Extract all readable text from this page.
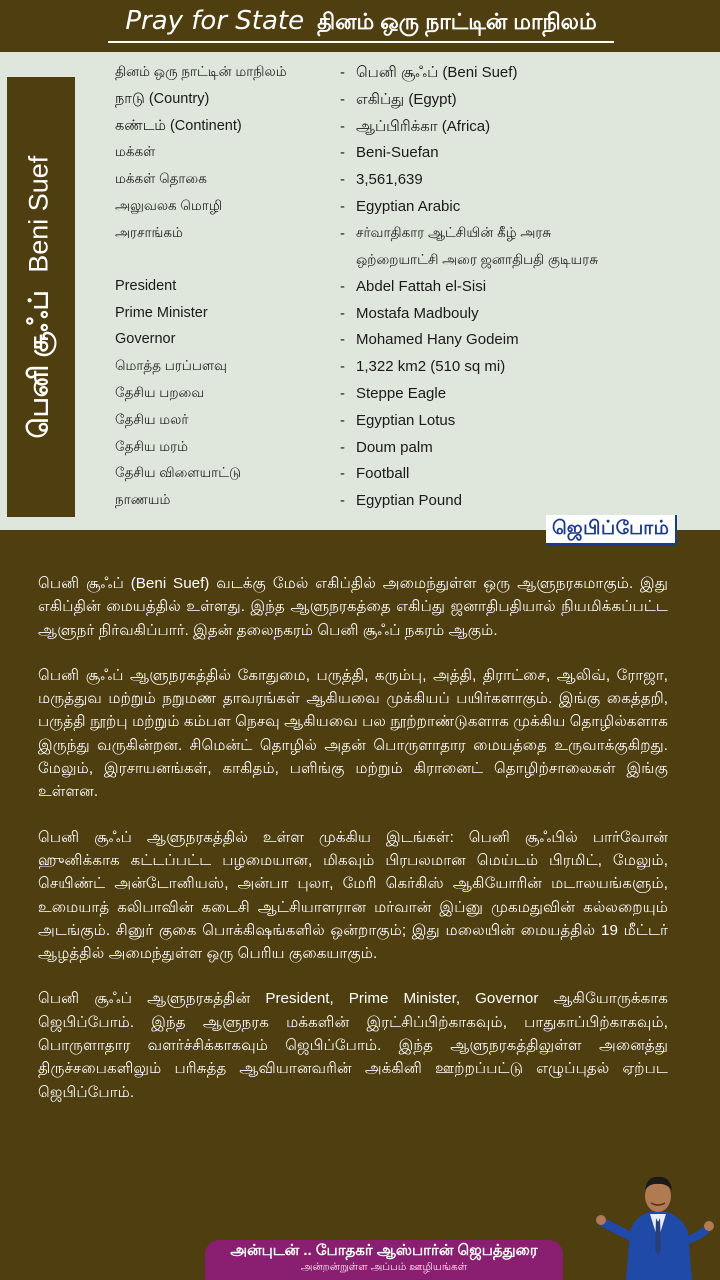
Pray for State தினம் ஒரு நாட்டின் மாநிலம்
பெனி சூஃப் Beni Suef
தினம் ஒரு நாட்டின் மாநிலம்	- பெனி சூஃப் (Beni Suef)
நாடு (Country)	- எகிப்து (Egypt)
கண்டம் (Continent)	- ஆப்பிரிக்கா (Africa)
மக்கள்	- Beni-Suefan
மக்கள் தொகை	- 3,561,639
அலுவலக மொழி	- Egyptian Arabic
அரசாங்கம்	- சர்வாதிகார ஆட்சியின் கீழ் அரசு
ஒற்றையாட்சி அரை ஜனாதிபதி குடியரசு
President	- Abdel Fattah el-Sisi
Prime Minister	- Mostafa Madbouly
Governor	- Mohamed Hany Godeim
மொத்த பரப்பளவு	- 1,322 km2 (510 sq mi)
தேசிய பறவை	- Steppe Eagle
தேசிய மலர்	- Egyptian Lotus
தேசிய மரம்	- Doum palm
தேசிய விளையாட்டு	- Football
நாணயம்	- Egyptian Pound
ஜெபிப்போம்

பெனி சூஃப் (Beni Suef) வடக்கு மேல் எகிப்தில் அமைந்துள்ள ஒரு ஆளுநரகமாகும். இது எகிப்தின் மையத்தில் உள்ளது. இந்த ஆளுநரகத்தை எகிப்து ஜனாதிபதியால் நியமிக்கப்பட்ட ஆளுநர் நிர்வகிப்பார். இதன் தலைநகரம் பெனி சூஃப் நகரம் ஆகும்.

பெனி சூஃப் ஆளுநரகத்தில் கோதுமை, பருத்தி, கரும்பு, அத்தி, திராட்சை, ஆலிவ், ரோஜா, மருத்துவ மற்றும் நறுமண தாவரங்கள் ஆகியவை முக்கியப் பயிர்களாகும். இங்கு கைத்தறி, பருத்தி நூற்பு மற்றும் கம்பள நெசவு ஆகியவை பல நூற்றாண்டுகளாக முக்கிய தொழில்களாக இருந்து வருகின்றன. சிமென்ட் தொழில் அதன் பொருளாதார மையத்தை உருவாக்குகிறது. மேலும், இரசாயனங்கள், காகிதம், பளிங்கு மற்றும் கிரானைட் தொழிற்சாலைகள் இங்கு உள்ளன.

பெனி சூஃப் ஆளுநரகத்தில் உள்ள முக்கிய இடங்கள்: பெனி சூஃபில் பார்வோன் ஹுனிக்காக கட்டப்பட்ட பழமையான, மிகவும் பிரபலமான மெய்டம் பிரமிட், மேலும், செயிண்ட் அன்டோனியஸ், அன்பா புலா, மேரி கெர்கிஸ் ஆகியோரின் மடாலயங்களும், உமையாத் கலிபாவின் கடைசி ஆட்சியாளரான மர்வான் இப்னு முகமதுவின் கல்லறையும் அடங்கும். சினுர் குகை பொக்கிஷங்களில் ஒன்றாகும்; இது மலையின் மையத்தில் 19 மீட்டர் ஆழத்தில் அமைந்துள்ள ஒரு பெரிய குகையாகும்.

பெனி சூஃப் ஆளுநரகத்தின் President, Prime Minister, Governor ஆகியோருக்காக ஜெபிப்போம். இந்த ஆளுநரக மக்களின் இரட்சிப்பிற்காகவும், பாதுகாப்பிற்காகவும், பொருளாதார வளர்ச்சிக்காகவும் ஜெபிப்போம். இந்த ஆளுநரகத்திலுள்ள அனைத்து திருச்சபைகளிலும் பரிசுத்த ஆவியானவரின் அக்கினி ஊற்றப்பட்டு எழுப்புதல் ஏற்பட ஜெபிப்போம்.

அன்புடன் .. போதகர் ஆஸ்பார்ன் ஜெபத்துரை
அன்றன்றுள்ள அப்பம் ஊழியங்கள்
